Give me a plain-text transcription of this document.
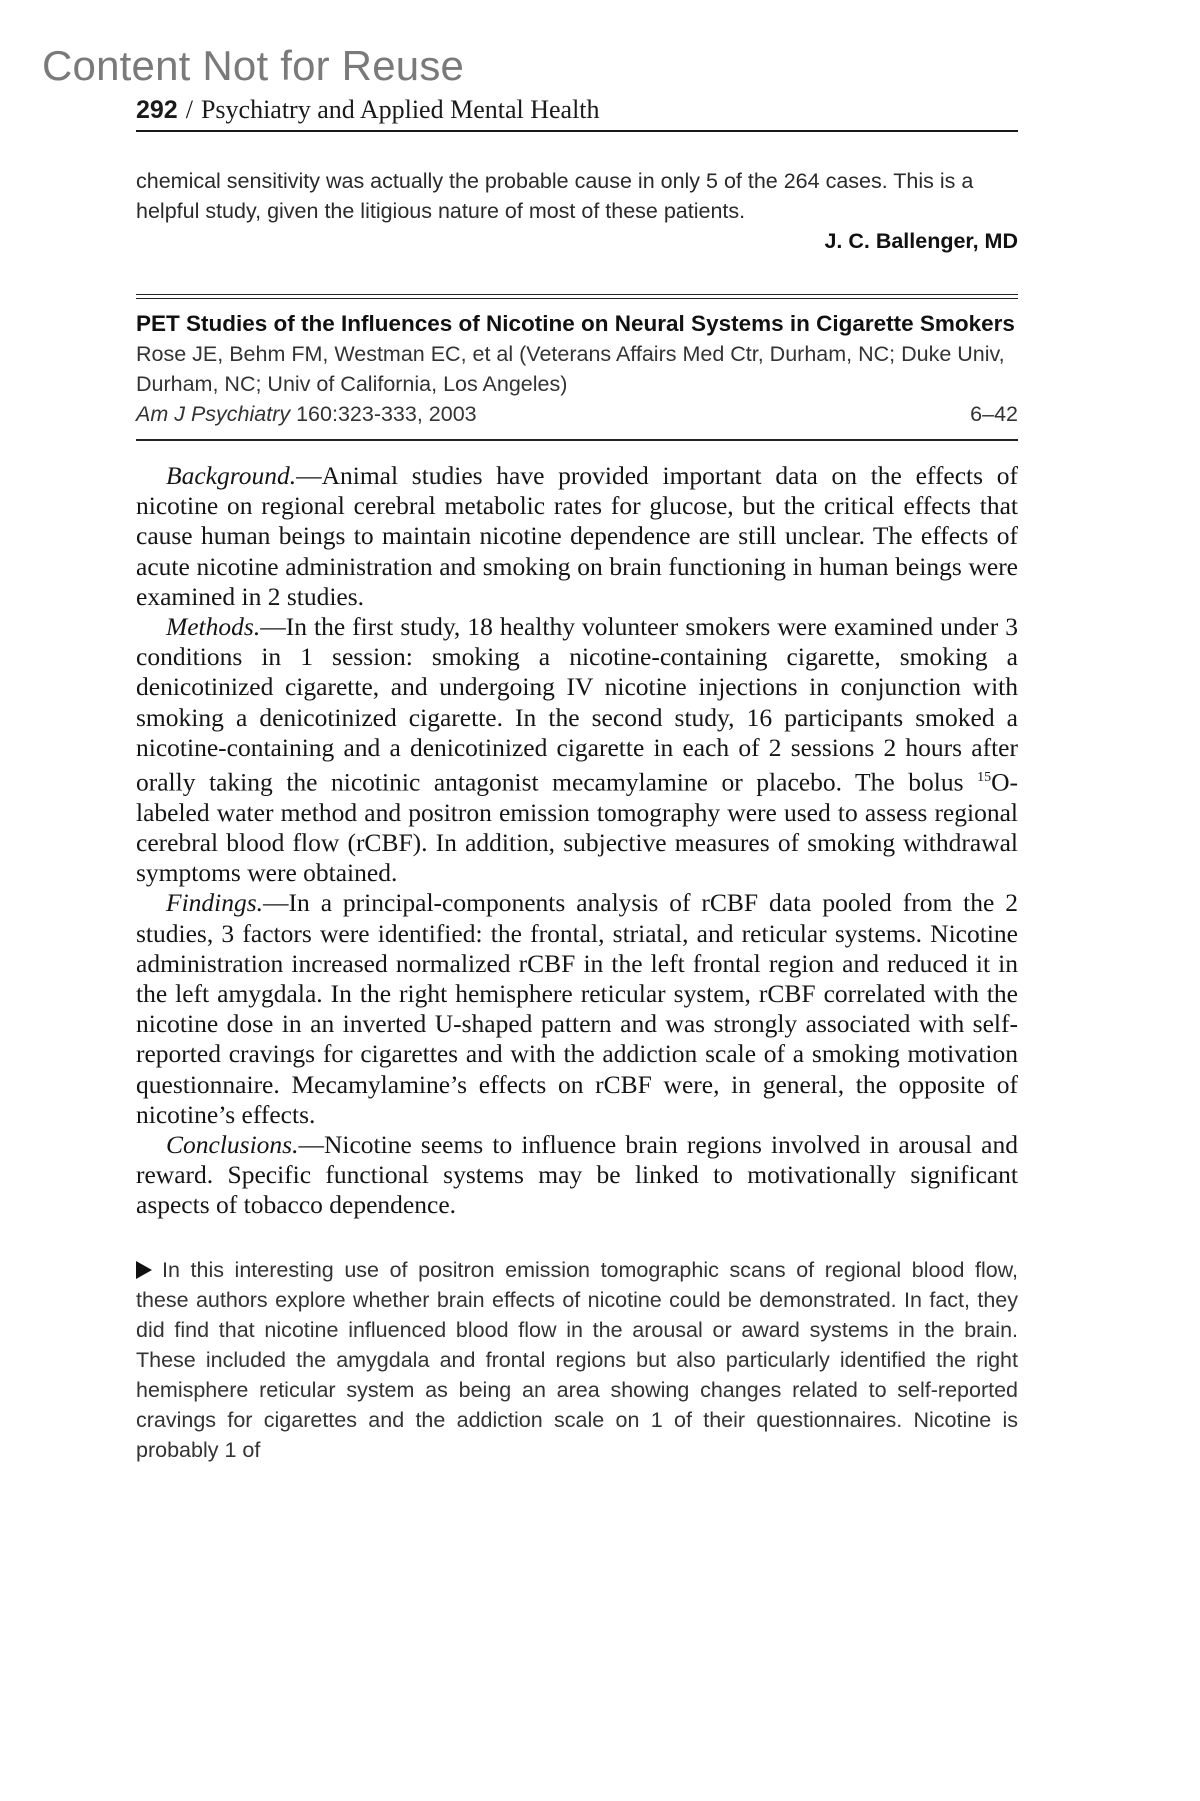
Content Not for Reuse
292 / Psychiatry and Applied Mental Health

chemical sensitivity was actually the probable cause in only 5 of the 264 cases. This is a helpful study, given the litigious nature of most of these patients.

J. C. Ballenger, MD

PET Studies of the Influences of Nicotine on Neural Systems in Cigarette Smokers
Rose JE, Behm FM, Westman EC, et al (Veterans Affairs Med Ctr, Durham, NC; Duke Univ, Durham, NC; Univ of California, Los Angeles)
Am J Psychiatry 160:323-333, 2003	6–42

Background.—Animal studies have provided important data on the effects of nicotine on regional cerebral metabolic rates for glucose, but the critical effects that cause human beings to maintain nicotine dependence are still unclear. The effects of acute nicotine administration and smoking on brain functioning in human beings were examined in 2 studies.

Methods.—In the first study, 18 healthy volunteer smokers were examined under 3 conditions in 1 session: smoking a nicotine-containing cigarette, smoking a denicotinized cigarette, and undergoing IV nicotine injections in conjunction with smoking a denicotinized cigarette. In the second study, 16 participants smoked a nicotine-containing and a denicotinized cigarette in each of 2 sessions 2 hours after orally taking the nicotinic antagonist mecamylamine or placebo. The bolus $^{15}$O-labeled water method and positron emission tomography were used to assess regional cerebral blood flow (rCBF). In addition, subjective measures of smoking withdrawal symptoms were obtained.

Findings.—In a principal-components analysis of rCBF data pooled from the 2 studies, 3 factors were identified: the frontal, striatal, and reticular systems. Nicotine administration increased normalized rCBF in the left frontal region and reduced it in the left amygdala. In the right hemisphere reticular system, rCBF correlated with the nicotine dose in an inverted U-shaped pattern and was strongly associated with self-reported cravings for cigarettes and with the addiction scale of a smoking motivation questionnaire. Mecamylamine’s effects on rCBF were, in general, the opposite of nicotine’s effects.

Conclusions.—Nicotine seems to influence brain regions involved in arousal and reward. Specific functional systems may be linked to motivationally significant aspects of tobacco dependence.

In this interesting use of positron emission tomographic scans of regional blood flow, these authors explore whether brain effects of nicotine could be demonstrated. In fact, they did find that nicotine influenced blood flow in the arousal or award systems in the brain. These included the amygdala and frontal regions but also particularly identified the right hemisphere reticular system as being an area showing changes related to self-reported cravings for cigarettes and the addiction scale on 1 of their questionnaires. Nicotine is probably 1 of
